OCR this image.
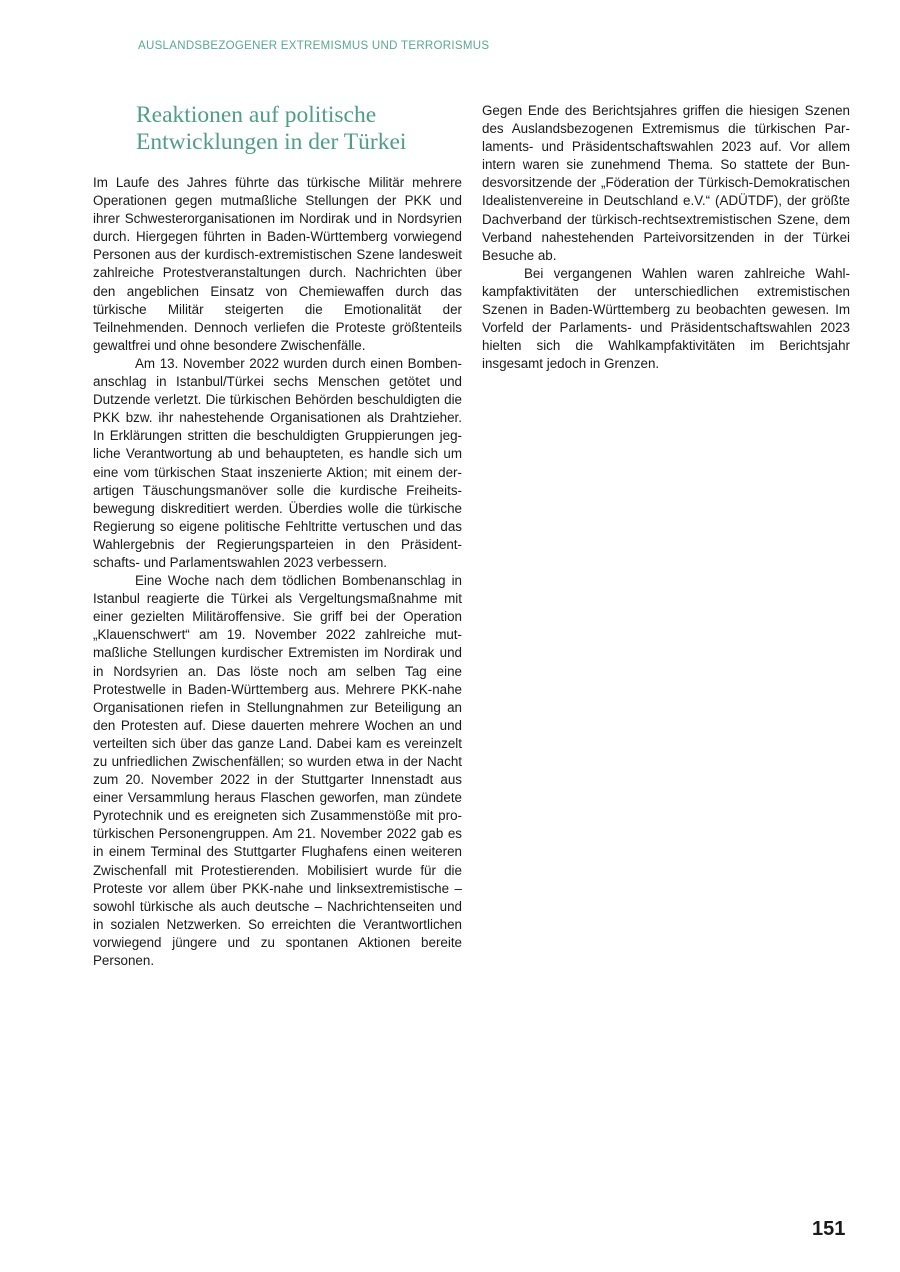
AUSLANDSBEZOGENER EXTREMISMUS UND TERRORISMUS
Reaktionen auf politische
Entwicklungen in der Türkei

Im Laufe des Jahres führte das türkische Militär mehrere Operationen gegen mutmaßliche Stellungen der PKK und ihrer Schwesterorganisationen im Nordirak und in Nordsyrien durch. Hiergegen führten in Baden-Württemberg vorwiegend Personen aus der kurdisch-extremistischen Szene landesweit zahlreiche Protestveranstaltungen durch. Nachrichten über den angeblichen Einsatz von Chemiewaffen durch das türkische Militär steigerten die Emotionalität der Teilnehmenden. Dennoch verliefen die Proteste größtenteils gewaltfrei und ohne besondere Zwischenfälle.

Am 13. November 2022 wurden durch einen Bombenanschlag in Istanbul/Türkei sechs Menschen getötet und Dutzende verletzt. Die türkischen Behörden beschuldigten die PKK bzw. ihr nahestehende Organisationen als Drahtzieher. In Erklärungen stritten die beschuldigten Gruppierungen jegliche Verantwortung ab und behaupteten, es handle sich um eine vom türkischen Staat inszenierte Aktion; mit einem derartigen Täuschungsmanöver solle die kurdische Freiheitsbewegung diskreditiert werden. Überdies wolle die türkische Regierung so eigene politische Fehltritte vertuschen und das Wahlergebnis der Regierungsparteien in den Präsidentschafts- und Parlamentswahlen 2023 verbessern.

Eine Woche nach dem tödlichen Bombenanschlag in Istanbul reagierte die Türkei als Vergeltungsmaßnahme mit einer gezielten Militäroffensive. Sie griff bei der Operation „Klauenschwert“ am 19. November 2022 zahlreiche mutmaßliche Stellungen kurdischer Extremisten im Nordirak und in Nordsyrien an. Das löste noch am selben Tag eine Protestwelle in Baden-Württemberg aus. Mehrere PKK-nahe Organisationen riefen in Stellungnahmen zur Beteiligung an den Protesten auf. Diese dauerten mehrere Wochen an und verteilten sich über das ganze Land. Dabei kam es vereinzelt zu unfriedlichen Zwischenfällen; so wurden etwa in der Nacht zum 20. November 2022 in der Stuttgarter Innenstadt aus einer Versammlung heraus Flaschen geworfen, man zündete Pyrotechnik und es ereigneten sich Zusammenstöße mit pro-türkischen Personengruppen. Am 21. November 2022 gab es in einem Terminal des Stuttgarter Flughafens einen weiteren Zwischenfall mit Protestierenden. Mobilisiert wurde für die Proteste vor allem über PKK-nahe und linksextremistische – sowohl türkische als auch deutsche – Nachrichtenseiten und in sozialen Netzwerken. So erreichten die Verantwortlichen vorwiegend jüngere und zu spontanen Aktionen bereite Personen.

Gegen Ende des Berichtsjahres griffen die hiesigen Szenen des Auslandsbezogenen Extremismus die türkischen Parlaments- und Präsidentschaftswahlen 2023 auf. Vor allem intern waren sie zunehmend Thema. So stattete der Bundesvorsitzende der „Föderation der Türkisch-Demokratischen Idealistenvereine in Deutschland e.V.“ (ADÜTDF), der größte Dachverband der türkisch-rechtsextremistischen Szene, dem Verband nahestehenden Parteivorsitzenden in der Türkei Besuche ab.

Bei vergangenen Wahlen waren zahlreiche Wahlkampfaktivitäten der unterschiedlichen extremistischen Szenen in Baden-Württemberg zu beobachten gewesen. Im Vorfeld der Parlaments- und Präsidentschaftswahlen 2023 hielten sich die Wahlkampfaktivitäten im Berichtsjahr insgesamt jedoch in Grenzen.

151
